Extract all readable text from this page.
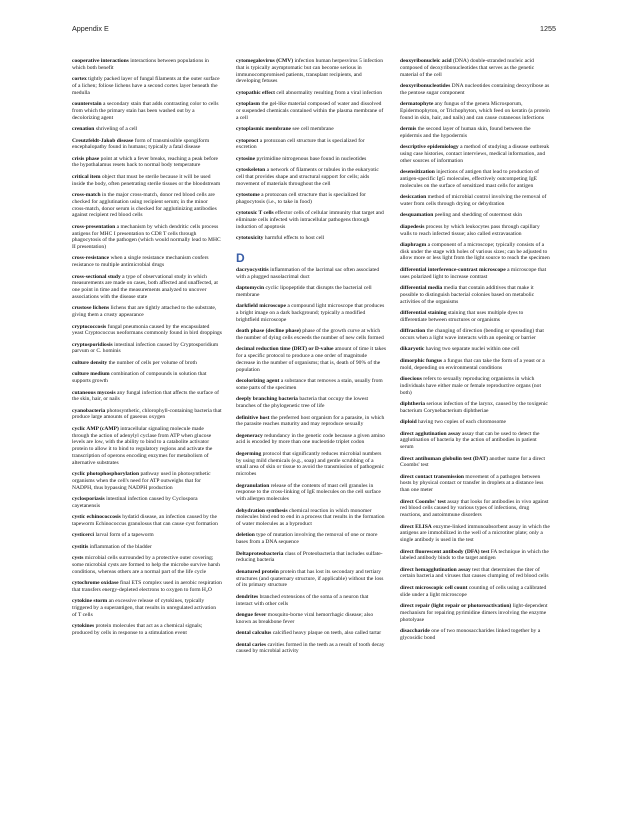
Appendix E	1255

cooperative interactions interactions between populations in which both benefit

cortex tightly packed layer of fungal filaments at the outer surface of a lichen; foliose lichens have a second cortex layer beneath the medulla

counterstain a secondary stain that adds contrasting color to cells from which the primary stain has been washed out by a decolorizing agent

crenation shriveling of a cell

Creutzfeldt-Jakob disease form of transmissible spongiform encephalopathy found in humans; typically a fatal disease

crisis phase point at which a fever breaks, reaching a peak before the hypothalamus resets back to normal body temperature

critical item object that must be sterile because it will be used inside the body, often penetrating sterile tissues or the bloodstream

cross-match in the major cross-match, donor red blood cells are checked for agglutination using recipient serum; in the minor cross-match, donor serum is checked for agglutinizing antibodies against recipient red blood cells

cross-presentation a mechanism by which dendritic cells process antigens for MHC I presentation to CD8 T cells through phagocytosis of the pathogen (which would normally lead to MHC II presentation)

cross-resistance when a single resistance mechanism confers resistance to multiple antimicrobial drugs

cross-sectional study a type of observational study in which measurements are made on cases, both affected and unaffected, at one point in time and the measurements analyzed to uncover associations with the disease state

crustose lichens lichens that are tightly attached to the substrate, giving them a crusty appearance

cryptococcosis fungal pneumonia caused by the encapsulated yeast Cryptococcus neoformans commonly found in bird droppings

cryptosporidiosis intestinal infection caused by Cryptosporidium parvum or C. hominis

culture density the number of cells per volume of broth

culture medium combination of compounds in solution that supports growth

cutaneous mycosis any fungal infection that affects the surface of the skin, hair, or nails

cyanobacteria photosynthetic, chlorophyll-containing bacteria that produce large amounts of gaseous oxygen

cyclic AMP (cAMP) intracellular signaling molecule made through the action of adenylyl cyclase from ATP when glucose levels are low, with the ability to bind to a catabolite activator protein to allow it to bind to regulatory regions and activate the transcription of operons encoding enzymes for metabolism of alternative substrates

cyclic photophosphorylation pathway used in photosynthetic organisms when the cell's need for ATP outweighs that for NADPH, thus bypassing NADPH production

cyclosporiasis intestinal infection caused by Cyclospora cayetanensis

cystic echinococcosis hydatid disease, an infection caused by the tapeworm Echinococcus granulosus that can cause cyst formation

cysticerci larval form of a tapeworm

cystitis inflammation of the bladder

cysts microbial cells surrounded by a protective outer covering; some microbial cysts are formed to help the microbe survive harsh conditions, whereas others are a normal part of the life cycle

cytochrome oxidase final ETS complex used in aerobic respiration that transfers energy-depleted electrons to oxygen to form H₂O

cytokine storm an excessive release of cytokines, typically triggered by a superantigen, that results in unregulated activation of T cells

cytokines protein molecules that act as a chemical signals; produced by cells in response to a stimulation event

cytomegalovirus (CMV) infection human herpesvirus 5 infection that is typically asymptomatic but can become serious in immunocompromised patients, transplant recipients, and developing fetuses

cytopathic effect cell abnormality resulting from a viral infection

cytoplasm the gel-like material composed of water and dissolved or suspended chemicals contained within the plasma membrane of a cell

cytoplasmic membrane see cell membrane

cytoproct a protozoan cell structure that is specialized for excretion

cytosine pyrimidine nitrogenous base found in nucleotides

cytoskeleton a network of filaments or tubules in the eukaryotic cell that provides shape and structural support for cells; aids movement of materials throughout the cell

cytostome a protozoan cell structure that is specialized for phagocytosis (i.e., to take in food)

cytotoxic T cells effector cells of cellular immunity that target and eliminate cells infected with intracellular pathogens through induction of apoptosis

cytotoxicity harmful effects to host cell

D

dacryocystitis inflammation of the lacrimal sac often associated with a plugged nasolacrimal duct

daptomycin cyclic lipopeptide that disrupts the bacterial cell membrane

darkfield microscope a compound light microscope that produces a bright image on a dark background; typically a modified brightfield microscope

death phase (decline phase) phase of the growth curve at which the number of dying cells exceeds the number of new cells formed

decimal reduction time (DRT) or D-value amount of time it takes for a specific protocol to produce a one order of magnitude decrease in the number of organisms; that is, death of 90% of the population

decolorizing agent a substance that removes a stain, usually from some parts of the specimen

deeply branching bacteria bacteria that occupy the lowest branches of the phylogenetic tree of life

definitive host the preferred host organism for a parasite, in which the parasite reaches maturity and may reproduce sexually

degeneracy redundancy in the genetic code because a given amino acid is encoded by more than one nucleotide triplet codon

degerming protocol that significantly reduces microbial numbers by using mild chemicals (e.g., soap) and gentle scrubbing of a small area of skin or tissue to avoid the transmission of pathogenic microbes

degranulation release of the contents of mast cell granules in response to the cross-linking of IgE molecules on the cell surface with allergen molecules

dehydration synthesis chemical reaction in which monomer molecules bind end to end in a process that results in the formation of water molecules as a byproduct

deletion type of mutation involving the removal of one or more bases from a DNA sequence

Deltaproteobacteria class of Proteobacteria that includes sulfate-reducing bacteria

denatured protein protein that has lost its secondary and tertiary structures (and quaternary structure, if applicable) without the loss of its primary structure

dendrites branched extensions of the soma of a neuron that interact with other cells

dengue fever mosquito-borne viral hemorrhagic disease; also known as breakbone fever

dental calculus calcified heavy plaque on teeth, also called tartar

dental caries cavities formed in the teeth as a result of tooth decay caused by microbial activity

deoxyribonucleic acid (DNA) double-stranded nucleic acid composed of deoxyribonucleotides that serves as the genetic material of the cell

deoxyribonucleotides DNA nucleotides containing deoxyribose as the pentose sugar component

dermatophyte any fungus of the genera Microsporum, Epidermophyton, or Trichophyton, which feed on keratin (a protein found in skin, hair, and nails) and can cause cutaneous infections

dermis the second layer of human skin, found between the epidermis and the hypodermis

descriptive epidemiology a method of studying a disease outbreak using case histories, contact interviews, medical information, and other sources of information

desensitization injections of antigen that lead to production of antigen-specific IgG molecules, effectively outcompeting IgE molecules on the surface of sensitized mast cells for antigen

desiccation method of microbial control involving the removal of water from cells through drying or dehydration

desquamation peeling and shedding of outermost skin

diapedesis process by which leukocytes pass through capillary walls to reach infected tissue; also called extravasation

diaphragm a component of a microscope; typically consists of a disk under the stage with holes of various sizes; can be adjusted to allow more or less light from the light source to reach the specimen

differential interference-contrast microscope a microscope that uses polarized light to increase contrast

differential media media that contain additives that make it possible to distinguish bacterial colonies based on metabolic activities of the organisms

differential staining staining that uses multiple dyes to differentiate between structures or organisms

diffraction the changing of direction (bending or spreading) that occurs when a light wave interacts with an opening or barrier

dikaryotic having two separate nuclei within one cell

dimorphic fungus a fungus that can take the form of a yeast or a mold, depending on environmental conditions

dioecious refers to sexually reproducing organisms in which individuals have either male or female reproductive organs (not both)

diphtheria serious infection of the larynx, caused by the toxigenic bacterium Corynebacterium diphtheriae

diploid having two copies of each chromosome

direct agglutination assay assay that can be used to detect the agglutination of bacteria by the action of antibodies in patient serum

direct antihuman globulin test (DAT) another name for a direct Coombs' test

direct contact transmission movement of a pathogen between hosts by physical contact or transfer in droplets at a distance less than one meter

direct Coombs' test assay that looks for antibodies in vivo against red blood cells caused by various types of infections, drug reactions, and autoimmune disorders

direct ELISA enzyme-linked immunoabsorbent assay in which the antigens are immobilized in the well of a microtiter plate; only a single antibody is used in the test

direct fluorescent antibody (DFA) test FA technique in which the labeled antibody binds to the target antigen

direct hemagglutination assay test that determines the titer of certain bacteria and viruses that causes clumping of red blood cells

direct microscopic cell count counting of cells using a calibrated slide under a light microscope

direct repair (light repair or photoreactivation) light-dependent mechanism for repairing pyrimidine dimers involving the enzyme photolyase

disaccharide one of two monosaccharides linked together by a glycosidic bond
